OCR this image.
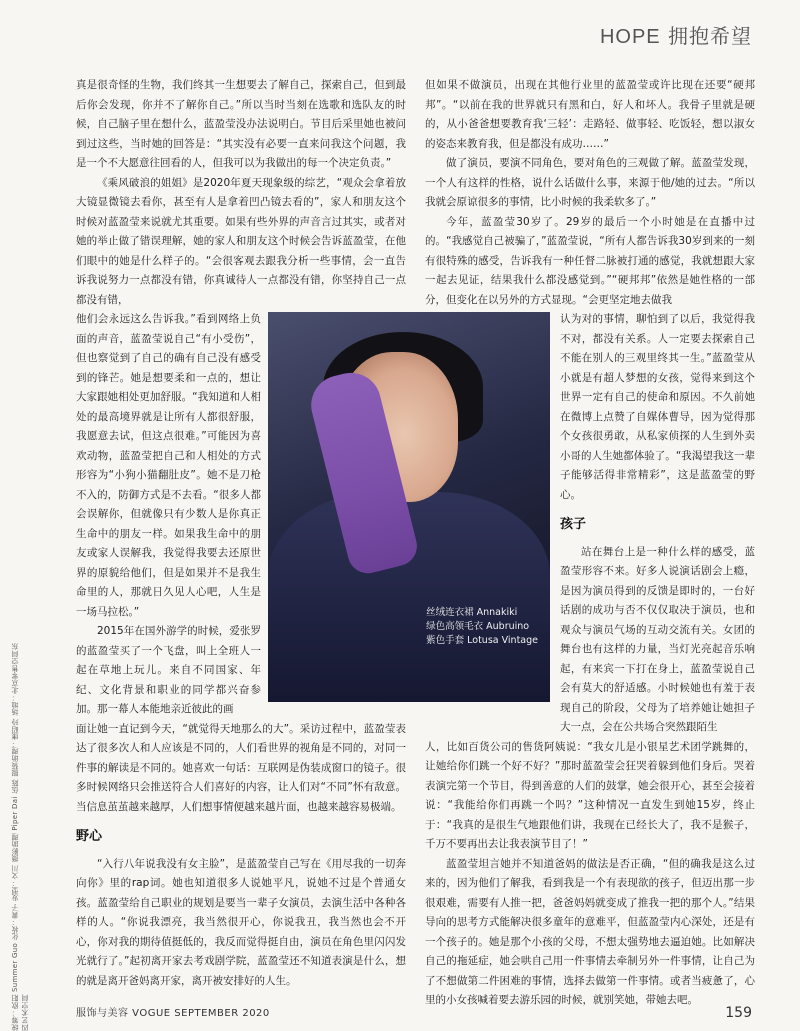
HOPE 拥抱希望

真是很奇怪的生物，我们终其一生想要去了解自己，探索自己，但到最后你会发现，你并不了解你自己。”所以当时当刻在选歌和选队友的时候，自己脑子里在想什么，蓝盈莹没办法说明白。节目后采里她也被问到过这些，当时她的回答是：“其实没有必要一直来问我这个问题，我是一个不大愿意往回看的人，但我可以为我做出的每一个决定负责。”

《乘风破浪的姐姐》是2020年夏天现象级的综艺，“观众会拿着放大镜显微镜去看你，甚至有人是拿着凹凸镜去看的”，家人和朋友这个时候对蓝盈莹来说就尤其重要。如果有些外界的声音言过其实，或者对她的举止做了错误理解，她的家人和朋友这个时候会告诉蓝盈莹，在他们眼中的她是什么样子的。“会很客观去跟我分析一些事情，会一直告诉我说努力一点都没有错，你真诚待人一点都没有错，你坚持自己一点都没有错，

他们会永远这么告诉我。”看到网络上负面的声音，蓝盈莹说自己“有小受伤”，但也察觉到了自己的确有自己没有感受到的锋芒。她是想要柔和一点的，想让大家跟她相处更加舒服。“我知道和人相处的最高境界就是让所有人都很舒服，我愿意去试，但这点很难。”可能因为喜欢动物，蓝盈莹把自己和人相处的方式形容为“小狗小猫翻肚皮”。她不是刀枪不入的，防御方式是不去看。“很多人都会误解你，但就像只有少数人是你真正生命中的朋友一样。如果我生命中的朋友或家人误解我，我觉得我要去还原世界的原貌给他们，但是如果并不是我生命里的人，那就日久见人心吧，人生是一场马拉松。”

2015年在国外游学的时候，爱张罗的蓝盈莹买了一个飞盘，叫上全班人一起在草地上玩儿。来自不同国家、年纪、文化背景和职业的同学都兴奋参加。那一幕人本能地亲近彼此的画

面让她一直记到今天，“就觉得天地那么的大”。采访过程中，蓝盈莹表达了很多次人和人应该是不同的，人们看世界的视角是不同的，对同一件事的解读是不同的。她喜欢一句话：互联网是伪装成窗口的镜子。很多时候网络只会推送符合人们喜好的内容，让人们对“不同”怀有敌意。当信息茧茧越来越厚，人们想事情便越来越片面，也越来越容易极端。

野心

“入行八年说我没有女主脸”，是蓝盈莹自己写在《用尽我的一切奔向你》里的rap词。她也知道很多人说她平凡，说她不过是个普通女孩。蓝盈莹给自己职业的规划是要当一辈子女演员，去演生活中各种各样的人。“你说我漂亮，我当然很开心，你说我丑，我当然也会不开心，你对我的期待值挺低的，我反而觉得挺自由，演员在角色里闪闪发光就行了。”起初离开家去考戏剧学院，蓝盈莹还不知道表演是什么，想的就是离开爸妈离开家，离开被安排好的人生。

但如果不做演员，出现在其他行业里的蓝盈莹或许比现在还要“硬邦邦”。“以前在我的世界就只有黑和白，好人和坏人。我骨子里就是硬的，从小爸爸想要教育我‘三轻’：走路轻、做事轻、吃饭轻，想以淑女的姿态来教育我，但是都没有成功……”

做了演员，要演不同角色，要对角色的三观做了解。蓝盈莹发现，一个人有这样的性格，说什么话做什么事，来源于他/她的过去。“所以我就会原谅很多的事情，比小时候的我柔软多了。”

今年，蓝盈莹30岁了。29岁的最后一个小时她是在直播中过的。“我感觉自己被骗了，”蓝盈莹说，“所有人都告诉我30岁到来的一刻有很特殊的感受，告诉我有一种任督二脉被打通的感觉，我就想跟大家一起去见证，结果我什么都没感觉到。”“硬邦邦”依然是她性格的一部分，但变化在以另外的方式显现。“会更坚定地去做我

认为对的事情，聊怕到了以后，我觉得我不对，都没有关系。人一定要去探索自己不能在别人的三观里终其一生。”蓝盈莹从小就是有超人梦想的女孩，觉得来到这个世界一定有自己的使命和原因。不久前她在微博上点赞了自媒体曹导，因为觉得那个女孩很勇敢，从私家侦探的人生到外卖小哥的人生她都体验了。“我渴望我这一辈子能够活得非常精彩”，这是蓝盈莹的野心。

孩子

站在舞台上是一种什么样的感受，蓝盈莹形容不来。好多人说演话剧会上瘾，是因为演员得到的反馈是即时的，一台好话剧的成功与否不仅仅取决于演员，也和观众与演员气场的互动交流有关。女团的舞台也有这样的力量，当灯光亮起音乐响起，有来宾一下打在身上，蓝盈莹说自己会有莫大的舒适感。小时候她也有羞于表现自己的阶段，父母为了培养她让她担子大一点，会在公共场合突然跟陌生

人，比如百货公司的售货阿姨说：“我女儿是小银星艺术团学跳舞的，让她给你们跳一个好不好？”那时蓝盈莹会狂哭着躲到他们身后。哭着表演完第一个节目，得到善意的人们的鼓掌，她会很开心，甚至会接着说：“我能给你们再跳一个吗？”这种情况一直发生到她15岁，终止于：“我真的是很生气地跟他们讲，我现在已经长大了，我不是猴子，千万不要再出去让我表演节目了！”

蓝盈莹坦言她并不知道爸妈的做法是否正确，“但的确我是这么过来的，因为他们了解我，看到我是一个有表现欲的孩子，但迈出那一步很艰难，需要有人推一把，爸爸妈妈就变成了推我一把的那个人。”结果导向的思考方式能解决很多童年的意难平，但蓝盈莹内心深处，还是有一个孩子的。她是那个小孩的父母，不想太强势地去逼迫她。比如解决自己的拖延症，她会哄自己用一件事情去牵制另外一件事情，让自己为了不想做第二件困难的事情，选择去做第一件事情。或者当疲惫了，心里的小女孩喊着要去游乐园的时候，就别笑她，带她去吧。

丝绒连衣裙 Annakiki
绿色高领毛衣 Aubruino
紫色手套 Lotusa Vintage
统筹：欧阳 Summer Guo 化妆：黄子 发型：文川 摄影助理 Piper Dai 伍陈 服装助理：康昭玲 场地：北京零售空间东四艺术空间	服饰与美容 VOGUE SEPTEMBER 2020	159
